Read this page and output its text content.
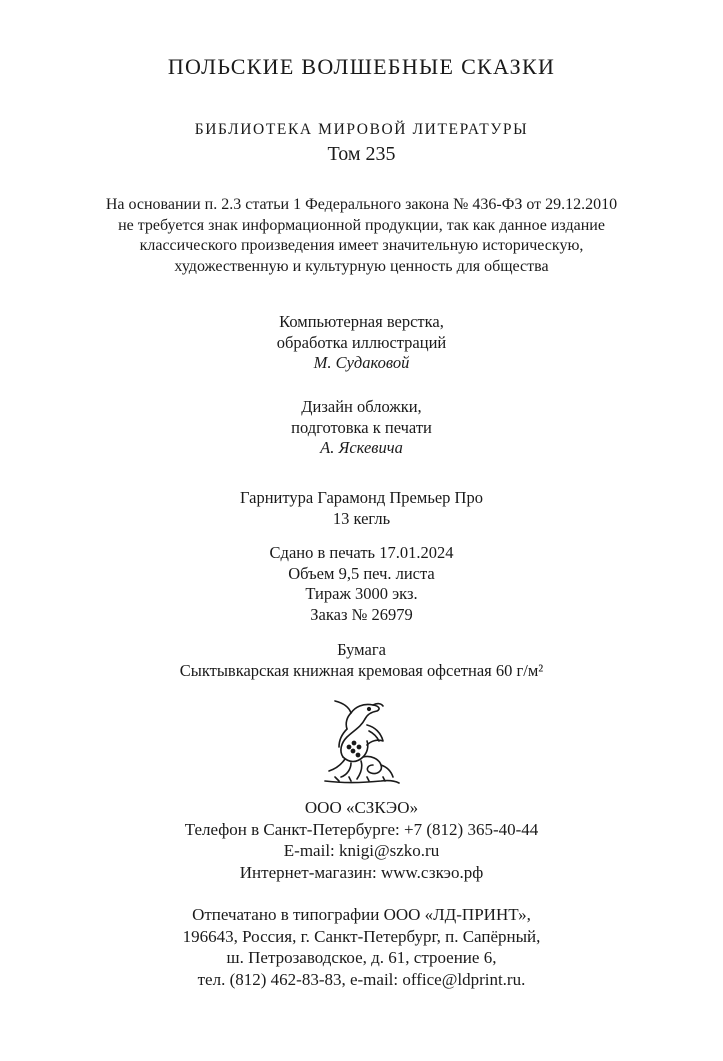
ПОЛЬСКИЕ ВОЛШЕБНЫЕ СКАЗКИ
БИБЛИОТЕКА МИРОВОЙ ЛИТЕРАТУРЫ
Том 235
На основании п. 2.3 статьи 1 Федерального закона № 436-ФЗ от 29.12.2010
не требуется знак информационной продукции, так как данное издание
классического произведения имеет значительную историческую,
художественную и культурную ценность для общества
Компьютерная верстка,
обработка иллюстраций
М. Судаковой
Дизайн обложки,
подготовка к печати
А. Яскевича
Гарнитура Гарамонд Премьер Про
13 кегль
Сдано в печать 17.01.2024
Объем 9,5 печ. листа
Тираж 3000 экз.
Заказ № 26979
Бумага
Сыктывкарская книжная кремовая офсетная 60 г/м²
ООО «СЗКЭО»
Телефон в Санкт-Петербурге: +7 (812) 365-40-44
E-mail: knigi@szko.ru
Интернет-магазин: www.сзкэо.рф
Отпечатано в типографии ООО «ЛД-ПРИНТ»,
196643, Россия, г. Санкт-Петербург, п. Сапёрный,
ш. Петрозаводское, д. 61, строение 6,
тел. (812) 462-83-83, e-mail: office@ldprint.ru.
